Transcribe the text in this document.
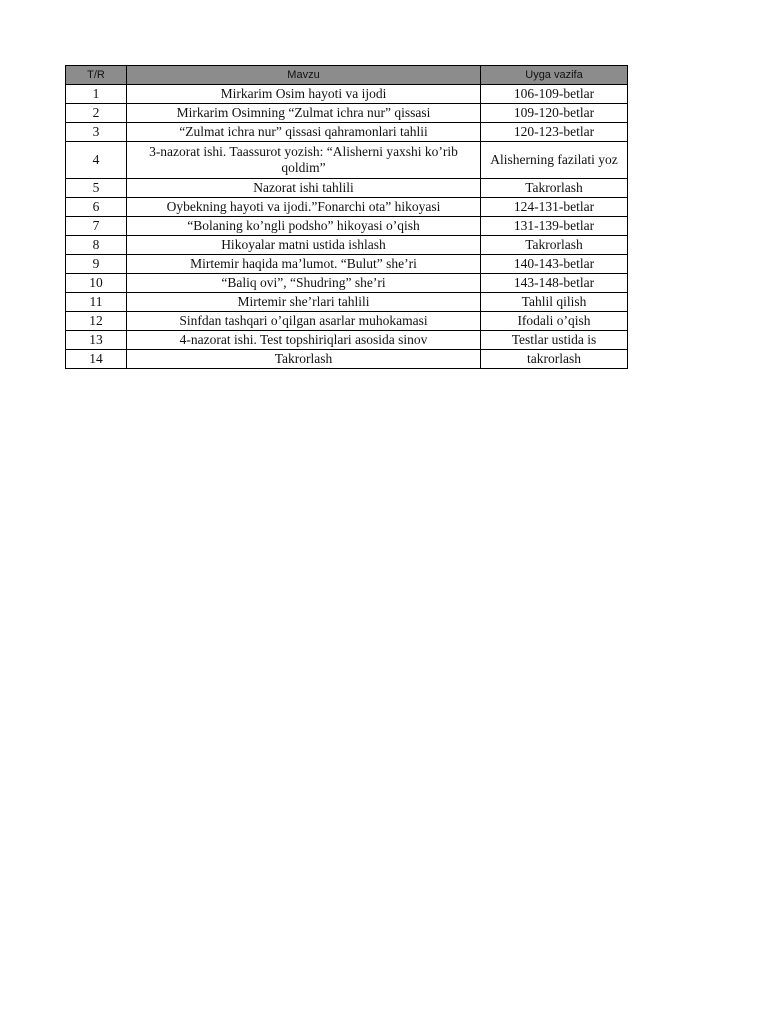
T/R	Mavzu	Uyga vazifa
1	Mirkarim Osim hayoti va ijodi	106-109-betlar
2	Mirkarim Osimning “Zulmat ichra nur” qissasi	109-120-betlar
3	“Zulmat ichra nur” qissasi qahramonlari tahlii	120-123-betlar
4	3-nazorat ishi. Taassurot yozish: “Alisherni yaxshi ko’rib qoldim”	Alisherning fazilati yoz
5	Nazorat ishi tahlili	Takrorlash
6	Oybekning hayoti va ijodi.”Fonarchi ota” hikoyasi	124-131-betlar
7	“Bolaning ko’ngli podsho” hikoyasi o’qish	131-139-betlar
8	Hikoyalar matni ustida ishlash	Takrorlash
9	Mirtemir haqida ma’lumot. “Bulut” she’ri	140-143-betlar
10	“Baliq ovi”, “Shudring” she’ri	143-148-betlar
11	Mirtemir she’rlari tahlili	Tahlil qilish
12	Sinfdan tashqari o’qilgan asarlar muhokamasi	Ifodali o’qish
13	4-nazorat ishi. Test topshiriqlari asosida sinov	Testlar ustida is
14	Takrorlash	takrorlash
